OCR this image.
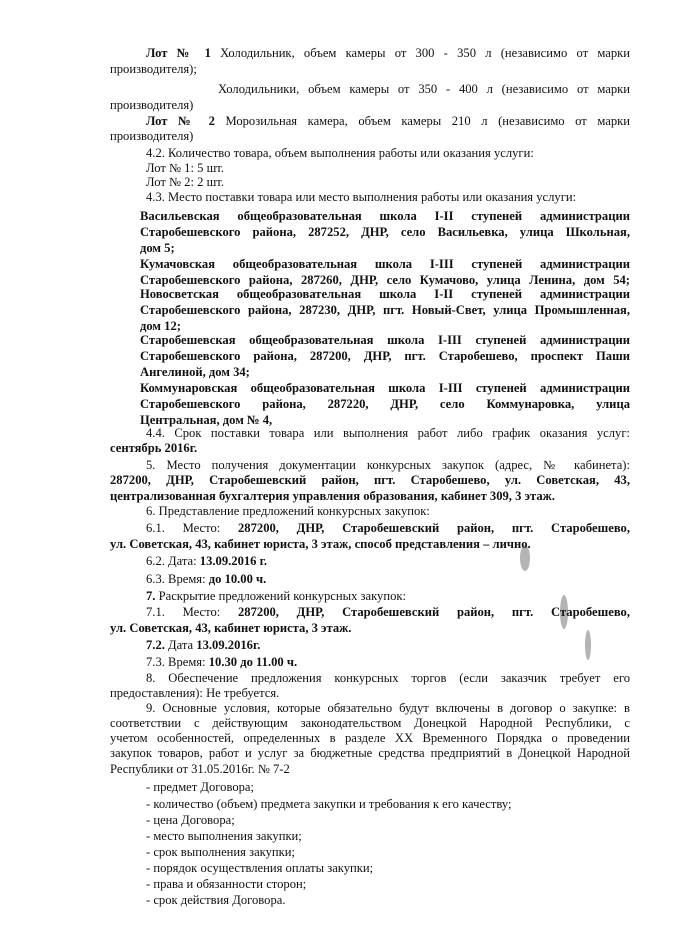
Лот № 1 Холодильник, объем камеры от 300 - 350 л (независимо от марки
производителя);
Холодильники, объем камеры от 350 - 400 л (независимо от марки
производителя)
Лот № 2 Морозильная камера, объем камеры 210 л (независимо от марки
производителя)
4.2. Количество товара, объем выполнения работы или оказания услуги:
Лот № 1: 5 шт.
Лот № 2: 2 шт.
4.3. Место поставки товара или место выполнения работы или оказания услуги:
Васильевская общеобразовательная школа I-II ступеней администрации
Старобешевского района, 287252, ДНР, село Васильевка, улица Школьная,
дом 5;
Кумачовская общеобразовательная школа I-III ступеней администрации
Старобешевского района, 287260, ДНР, село Кумачово, улица Ленина, дом 54;
Новосветская общеобразовательная школа I-II ступеней администрации
Старобешевского района, 287230, ДНР, пгт. Новый-Свет, улица Промышленная,
дом 12;
Старобешевская общеобразовательная школа I-III ступеней администрации
Старобешевского района, 287200, ДНР, пгт. Старобешево, проспект Паши
Ангелиной, дом 34;
Коммунаровская общеобразовательная школа I-III ступеней администрации
Старобешевского района, 287220, ДНР, село Коммунаровка, улица
Центральная, дом № 4,
4.4. Срок поставки товара или выполнения работ либо график оказания услуг:
сентябрь 2016г.
5. Место получения документации конкурсных закупок (адрес, № кабинета):
287200, ДНР, Старобешевский район, пгт. Старобешево, ул. Советская, 43,
централизованная бухгалтерия управления образования, кабинет 309, 3 этаж.
6. Представление предложений конкурсных закупок:
6.1. Место: 287200, ДНР, Старобешевский район, пгт. Старобешево,
ул. Советская, 43, кабинет юриста, 3 этаж, способ представления – лично.
6.2. Дата: 13.09.2016 г.
6.3. Время: до 10.00 ч.
7. Раскрытие предложений конкурсных закупок:
7.1. Место: 287200, ДНР, Старобешевский район, пгт. Старобешево,
ул. Советская, 43, кабинет юриста, 3 этаж.
7.2. Дата 13.09.2016г.
7.3. Время: 10.30 до 11.00 ч.
8. Обеспечение предложения конкурсных торгов (если заказчик требует его
предоставления): Не требуется.
9. Основные условия, которые обязательно будут включены в договор о закупке: в
соответствии с действующим законодательством Донецкой Народной Республики, с
учетом особенностей, определенных в разделе XX Временного Порядка о проведении
закупок товаров, работ и услуг за бюджетные средства предприятий в Донецкой Народной
Республики от 31.05.2016г. № 7-2
- предмет Договора;
- количество (объем) предмета закупки и требования к его качеству;
- цена Договора;
- место выполнения закупки;
- срок выполнения закупки;
- порядок осуществления оплаты закупки;
- права и обязанности сторон;
- срок действия Договора.
